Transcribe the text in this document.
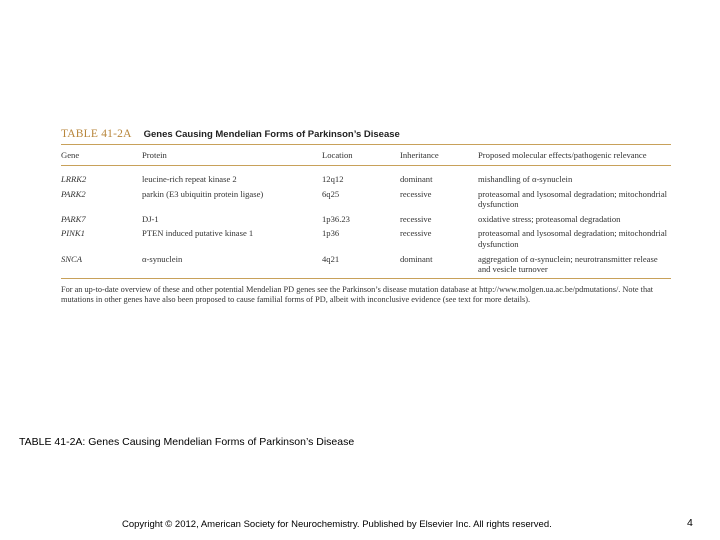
TABLE 41-2A Genes Causing Mendelian Forms of Parkinson’s Disease
Gene	Protein	Location	Inheritance	Proposed molecular effects/pathogenic relevance
LRRK2	leucine-rich repeat kinase 2	12q12	dominant	mishandling of α-synuclein
PARK2	parkin (E3 ubiquitin protein ligase)	6q25	recessive	proteasomal and lysosomal degradation; mitochondrial dysfunction
PARK7	DJ-1	1p36.23	recessive	oxidative stress; proteasomal degradation
PINK1	PTEN induced putative kinase 1	1p36	recessive	proteasomal and lysosomal degradation; mitochondrial dysfunction
SNCA	α-synuclein	4q21	dominant	aggregation of α-synuclein; neurotransmitter release and vesicle turnover
For an up-to-date overview of these and other potential Mendelian PD genes see the Parkinson’s disease mutation database at http://www.molgen.ua.ac.be/pdmutations/. Note that mutations in other genes have also been proposed to cause familial forms of PD, albeit with inconclusive evidence (see text for more details).
TABLE 41-2A: Genes Causing Mendelian Forms of Parkinson’s Disease
Copyright © 2012, American Society for Neurochemistry. Published by Elsevier Inc. All rights reserved.	4
